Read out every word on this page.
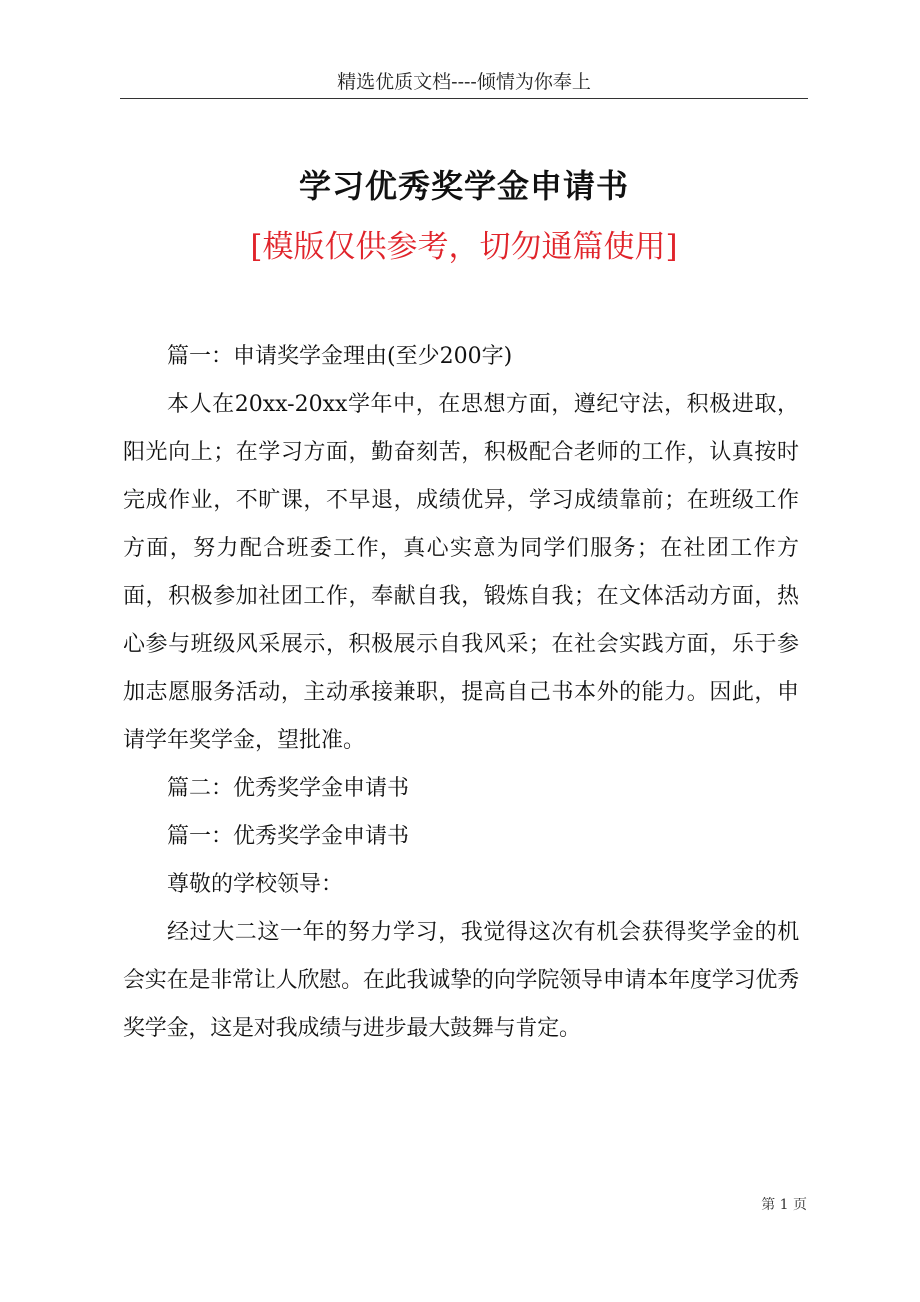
精选优质文档----倾情为你奉上
学习优秀奖学金申请书
[模版仅供参考，切勿通篇使用]

篇一：申请奖学金理由(至少200字)

本人在20xx-20xx学年中，在思想方面，遵纪守法，积极进取，阳光向上；在学习方面，勤奋刻苦，积极配合老师的工作，认真按时完成作业，不旷课，不早退，成绩优异，学习成绩靠前；在班级工作方面，努力配合班委工作，真心实意为同学们服务；在社团工作方面，积极参加社团工作，奉献自我，锻炼自我；在文体活动方面，热心参与班级风采展示，积极展示自我风采；在社会实践方面，乐于参加志愿服务活动，主动承接兼职，提高自己书本外的能力。因此，申请学年奖学金，望批准。

篇二：优秀奖学金申请书

篇一：优秀奖学金申请书

尊敬的学校领导：

经过大二这一年的努力学习，我觉得这次有机会获得奖学金的机会实在是非常让人欣慰。在此我诚挚的向学院领导申请本年度学习优秀奖学金，这是对我成绩与进步最大鼓舞与肯定。

第 1 页
